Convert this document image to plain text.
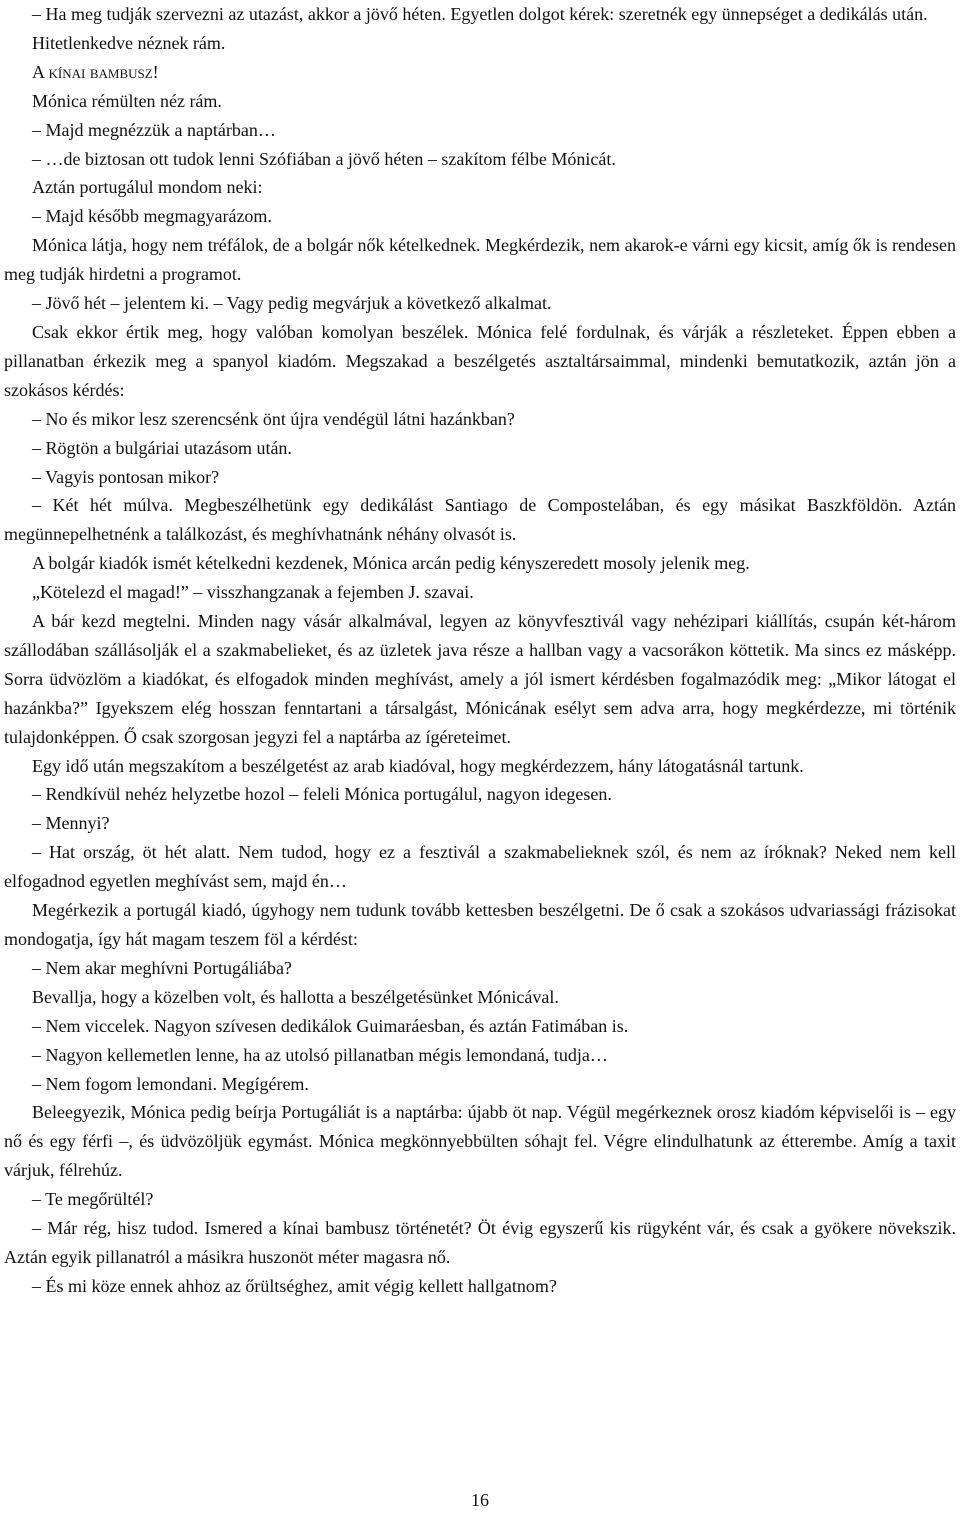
– Ha meg tudják szervezni az utazást, akkor a jövő héten. Egyetlen dolgot kérek: szeretnék egy ünnepséget a dedikálás után.

Hitetlenkedve néznek rám.

A kínai bambusz!

Mónica rémülten néz rám.

– Majd megnézzük a naptárban…

– …de biztosan ott tudok lenni Szófiában a jövő héten – szakítom félbe Mónicát.

Aztán portugálul mondom neki:

– Majd később megmagyarázom.

Mónica látja, hogy nem tréfálok, de a bolgár nők kételkednek. Megkérdezik, nem akarok-e várni egy kicsit, amíg ők is rendesen meg tudják hirdetni a programot.

– Jövő hét – jelentem ki. – Vagy pedig megvárjuk a következő alkalmat.

Csak ekkor értik meg, hogy valóban komolyan beszélek. Mónica felé fordulnak, és várják a részleteket. Éppen ebben a pillanatban érkezik meg a spanyol kiadóm. Megszakad a beszélgetés asztaltársaimmal, mindenki bemutatkozik, aztán jön a szokásos kérdés:

– No és mikor lesz szerencsénk önt újra vendégül látni hazánkban?

– Rögtön a bulgáriai utazásom után.

– Vagyis pontosan mikor?

– Két hét múlva. Megbeszélhetünk egy dedikálást Santiago de Compostelában, és egy másikat Baszkföldön. Aztán megünnepelhetnénk a találkozást, és meghívhatnánk néhány olvasót is.

A bolgár kiadók ismét kételkedni kezdenek, Mónica arcán pedig kényszeredett mosoly jelenik meg.

„Kötelezd el magad!” – visszhangzanak a fejemben J. szavai.

A bár kezd megtelni. Minden nagy vásár alkalmával, legyen az könyvfesztivál vagy nehézipari kiállítás, csupán két-három szállodában szállásolják el a szakmabelieket, és az üzletek java része a hallban vagy a vacsorákon köttetik. Ma sincs ez másképp. Sorra üdvözlöm a kiadókat, és elfogadok minden meghívást, amely a jól ismert kérdésben fogalmazódik meg: „Mikor látogat el hazánkba?” Igyekszem elég hosszan fenntartani a társalgást, Mónicának esélyt sem adva arra, hogy megkérdezze, mi történik tulajdonképpen. Ő csak szorgosan jegyzi fel a naptárba az ígéreteimet.

Egy idő után megszakítom a beszélgetést az arab kiadóval, hogy megkérdezzem, hány látogatásnál tartunk.

– Rendkívül nehéz helyzetbe hozol – feleli Mónica portugálul, nagyon idegesen.

– Mennyi?

– Hat ország, öt hét alatt. Nem tudod, hogy ez a fesztivál a szakmabelieknek szól, és nem az íróknak? Neked nem kell elfogadnod egyetlen meghívást sem, majd én…

Megérkezik a portugál kiadó, úgyhogy nem tudunk tovább kettesben beszélgetni. De ő csak a szokásos udvariassági frázisokat mondogatja, így hát magam teszem föl a kérdést:

– Nem akar meghívni Portugáliába?

Bevallja, hogy a közelben volt, és hallotta a beszélgetésünket Mónicával.

– Nem viccelek. Nagyon szívesen dedikálok Guimaráesban, és aztán Fatimában is.

– Nagyon kellemetlen lenne, ha az utolsó pillanatban mégis lemondaná, tudja…

– Nem fogom lemondani. Megígérem.

Beleegyezik, Mónica pedig beírja Portugáliát is a naptárba: újabb öt nap. Végül megérkeznek orosz kiadóm képviselői is – egy nő és egy férfi –, és üdvözöljük egymást. Mónica megkönnyebbülten sóhajt fel. Végre elindulhatunk az étterembe. Amíg a taxit várjuk, félrehúz.

– Te megőrültél?

– Már rég, hisz tudod. Ismered a kínai bambusz történetét? Öt évig egyszerű kis rügyként vár, és csak a gyökere növekszik. Aztán egyik pillanatról a másikra huszonöt méter magasra nő.

– És mi köze ennek ahhoz az őrültséghez, amit végig kellett hallgatnom?

16
